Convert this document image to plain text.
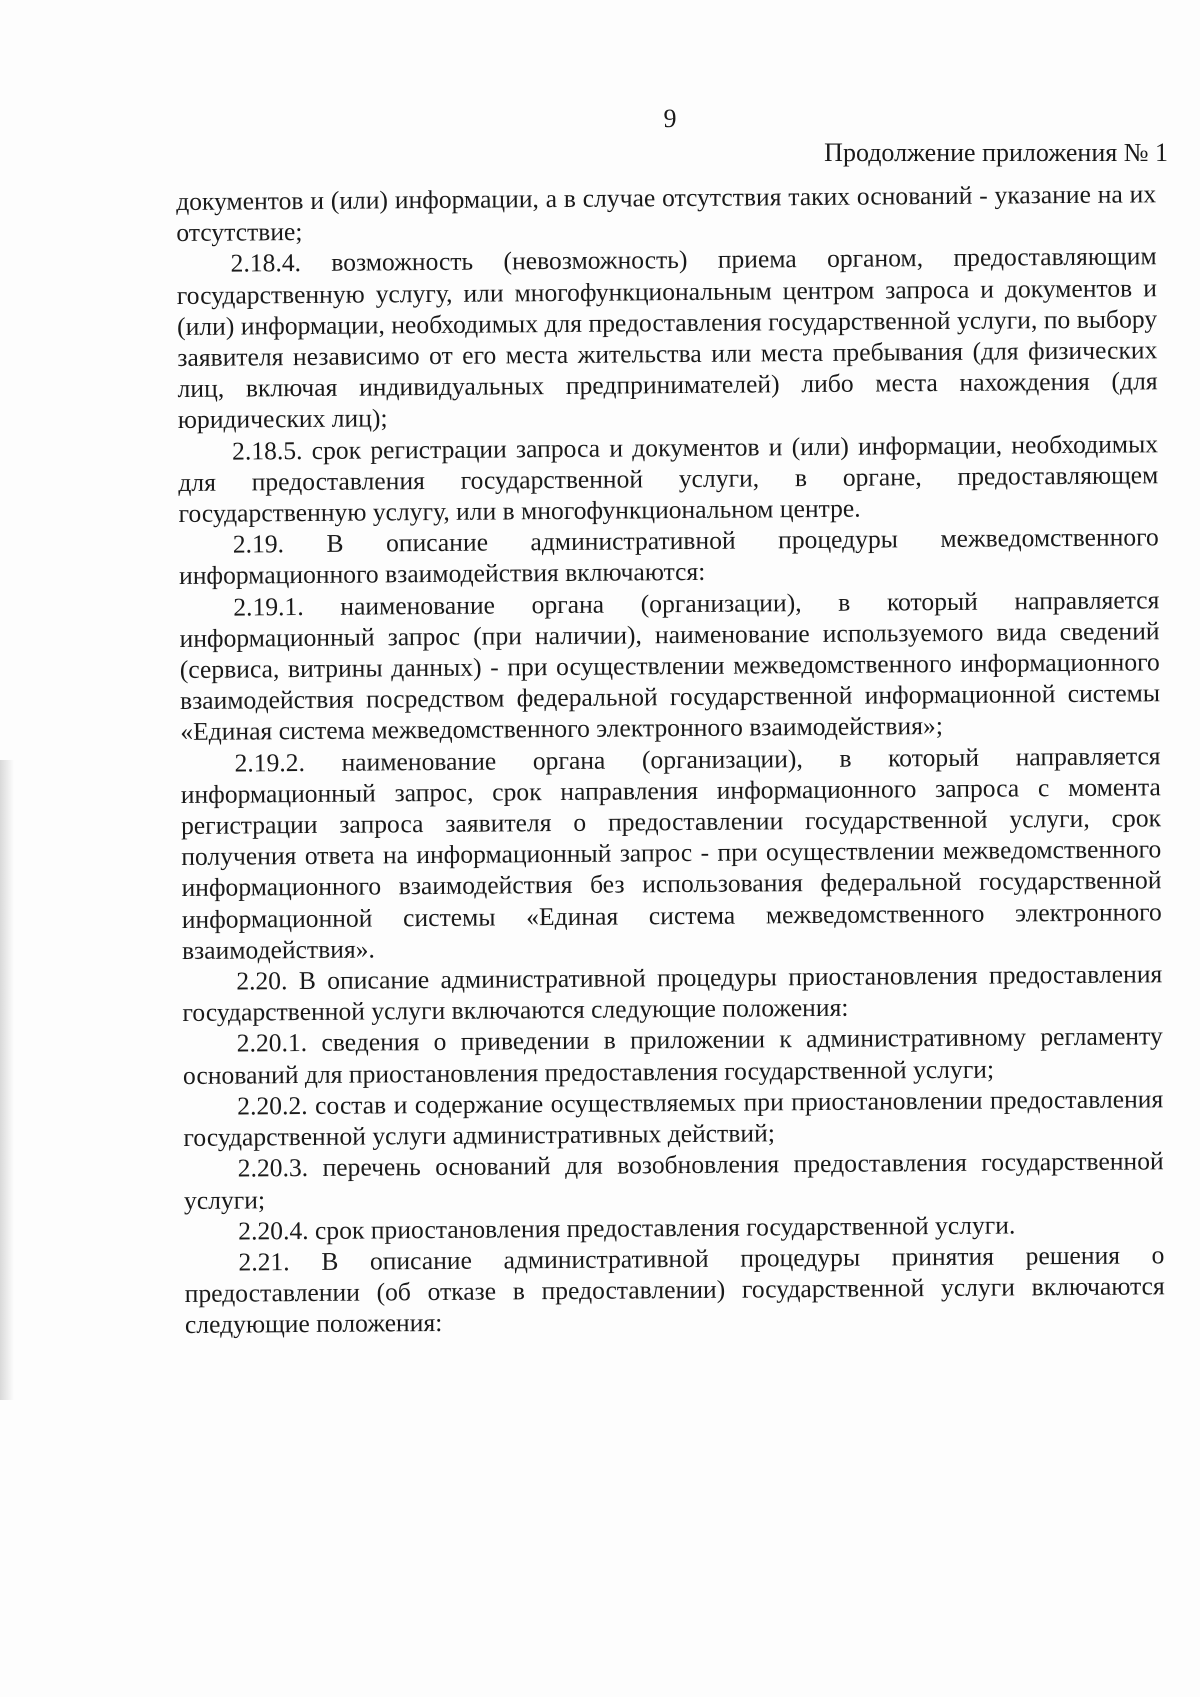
9
Продолжение приложения № 1

документов и (или) информации, а в случае отсутствия таких оснований - указание на их отсутствие;

2.18.4. возможность (невозможность) приема органом, предоставляющим государственную услугу, или многофункциональным центром запроса и документов и (или) информации, необходимых для предоставления государственной услуги, по выбору заявителя независимо от его места жительства или места пребывания (для физических лиц, включая индивидуальных предпринимателей) либо места нахождения (для юридических лиц);

2.18.5. срок регистрации запроса и документов и (или) информации, необходимых для предоставления государственной услуги, в органе, предоставляющем государственную услугу, или в многофункциональном центре.

2.19. В описание административной процедуры межведомственного информационного взаимодействия включаются:

2.19.1. наименование органа (организации), в который направляется информационный запрос (при наличии), наименование используемого вида сведений (сервиса, витрины данных) - при осуществлении межведомственного информационного взаимодействия посредством федеральной государственной информационной системы «Единая система межведомственного электронного взаимодействия»;

2.19.2. наименование органа (организации), в который направляется информационный запрос, срок направления информационного запроса с момента регистрации запроса заявителя о предоставлении государственной услуги, срок получения ответа на информационный запрос - при осуществлении межведомственного информационного взаимодействия без использования федеральной государственной информационной системы «Единая система межведомственного электронного взаимодействия».

2.20. В описание административной процедуры приостановления предоставления государственной услуги включаются следующие положения:

2.20.1. сведения о приведении в приложении к административному регламенту оснований для приостановления предоставления государственной услуги;

2.20.2. состав и содержание осуществляемых при приостановлении предоставления государственной услуги административных действий;

2.20.3. перечень оснований для возобновления предоставления государственной услуги;

2.20.4. срок приостановления предоставления государственной услуги.

2.21. В описание административной процедуры принятия решения о предоставлении (об отказе в предоставлении) государственной услуги включаются следующие положения:
